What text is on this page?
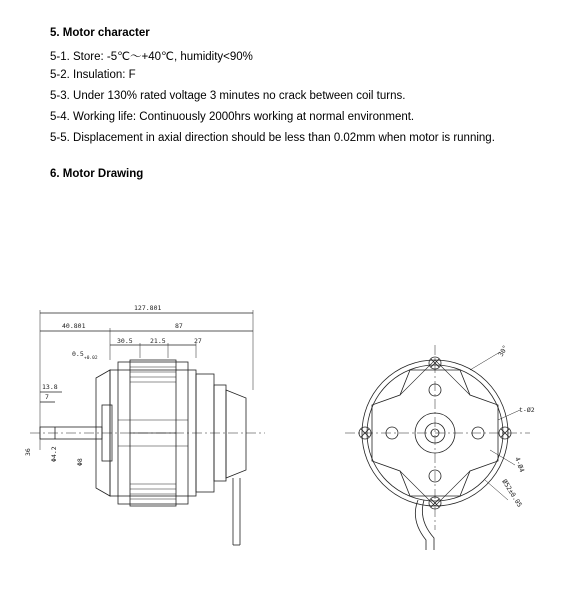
5. Motor character
5-1. Store: -5℃～+40℃, humidity<90%
5-2. Insulation: F
5-3. Under 130% rated voltage 3 minutes no crack between coil turns.
5-4. Working life: Continuously 2000hrs working at normal environment.
5-5. Displacement in axial direction should be less than 0.02mm when motor is running.
6. Motor Drawing
127.801
40.801	87
30.5	21.5	27
0.5
+0.02
13.8
7
Φ4.2
Φ8
36
30°
t-Ø2
4-Ø4
Ø52±0.05
